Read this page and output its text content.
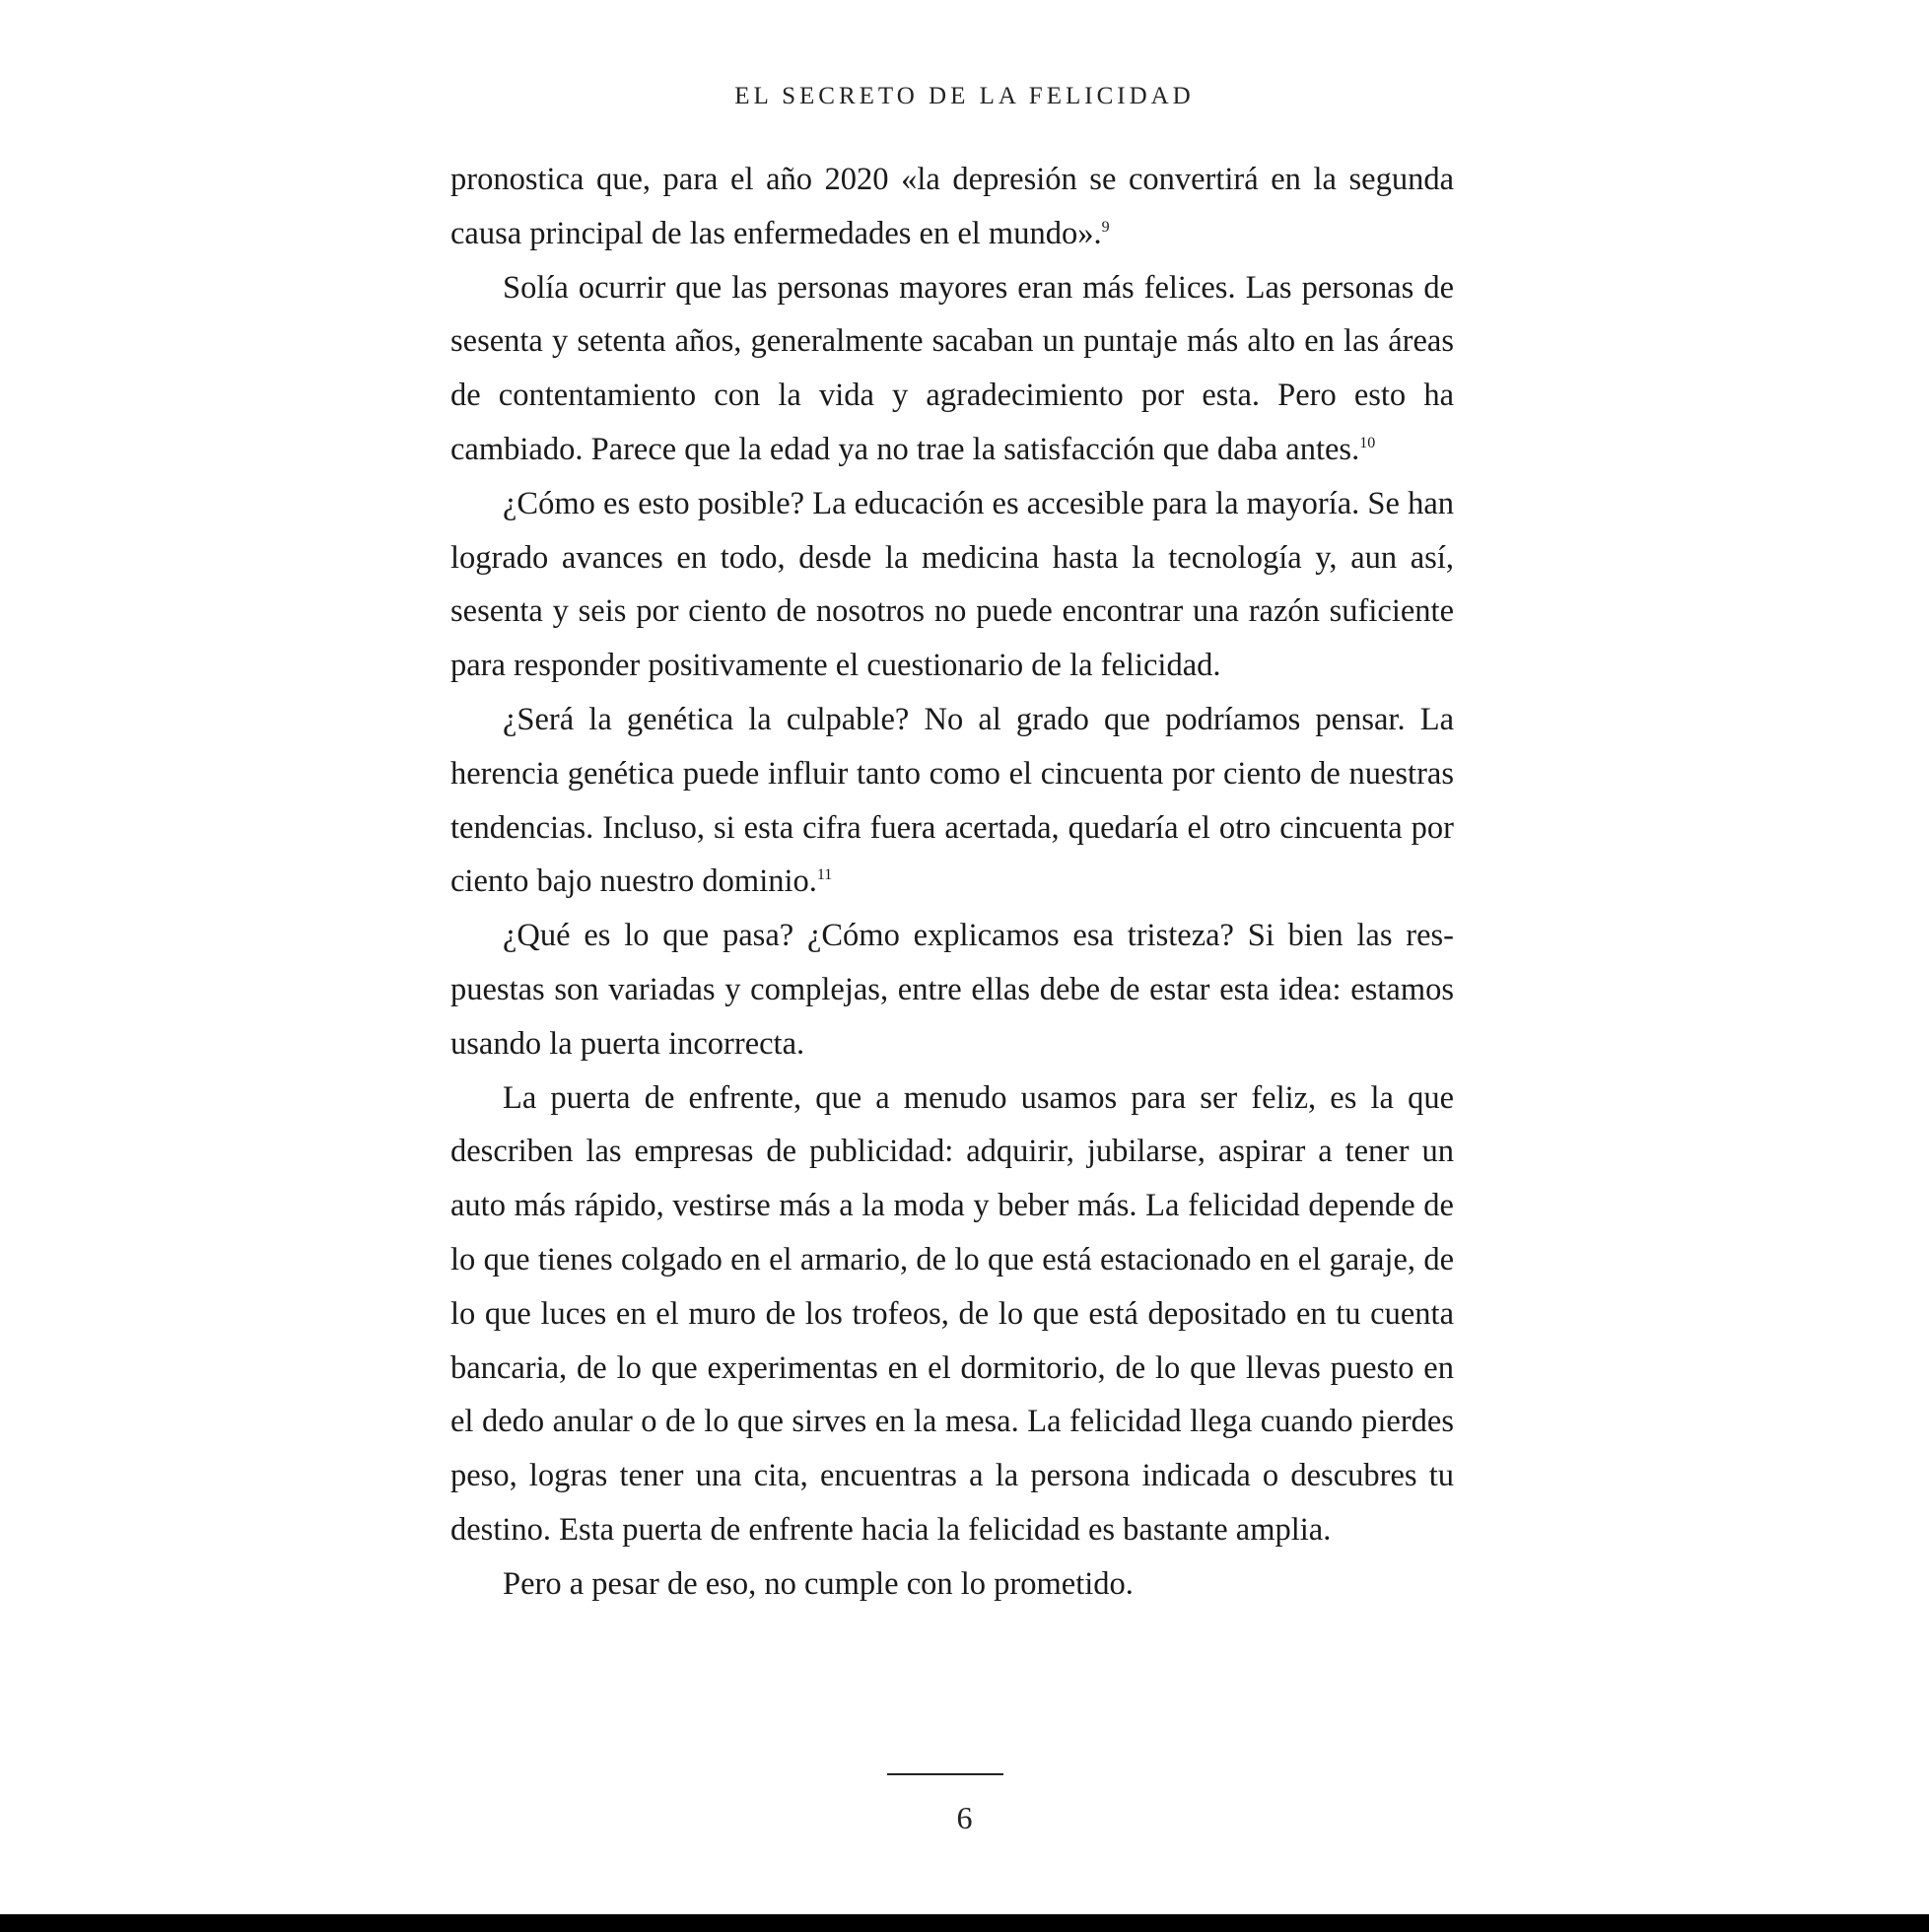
EL SECRETO DE LA FELICIDAD

pronostica que, para el año 2020 «la depresión se convertirá en la segunda causa principal de las enfermedades en el mundo».$^9$

Solía ocurrir que las personas mayores eran más felices. Las personas de sesenta y setenta años, generalmente sacaban un puntaje más alto en las áreas de contentamiento con la vida y agradecimiento por esta. Pero esto ha cambiado. Parece que la edad ya no trae la satisfacción que daba antes.$^{10}$

¿Cómo es esto posible? La educación es accesible para la mayoría. Se han logrado avances en todo, desde la medicina hasta la tecnología y, aun así, sesenta y seis por ciento de nosotros no puede encontrar una razón suficiente para responder positivamente el cuestionario de la felicidad.

¿Será la genética la culpable? No al grado que podríamos pensar. La herencia genética puede influir tanto como el cincuenta por ciento de nuestras tendencias. Incluso, si esta cifra fuera acertada, quedaría el otro cincuenta por ciento bajo nuestro dominio.$^{11}$

¿Qué es lo que pasa? ¿Cómo explicamos esa tristeza? Si bien las respuestas son variadas y complejas, entre ellas debe de estar esta idea: estamos usando la puerta incorrecta.

La puerta de enfrente, que a menudo usamos para ser feliz, es la que describen las empresas de publicidad: adquirir, jubilarse, aspirar a tener un auto más rápido, vestirse más a la moda y beber más. La felicidad depende de lo que tienes colgado en el armario, de lo que está estacionado en el garaje, de lo que luces en el muro de los trofeos, de lo que está depositado en tu cuenta bancaria, de lo que experimentas en el dormitorio, de lo que llevas puesto en el dedo anular o de lo que sirves en la mesa. La felicidad llega cuando pierdes peso, logras tener una cita, encuentras a la persona indicada o descubres tu destino. Esta puerta de enfrente hacia la felicidad es bastante amplia.

Pero a pesar de eso, no cumple con lo prometido.

6
